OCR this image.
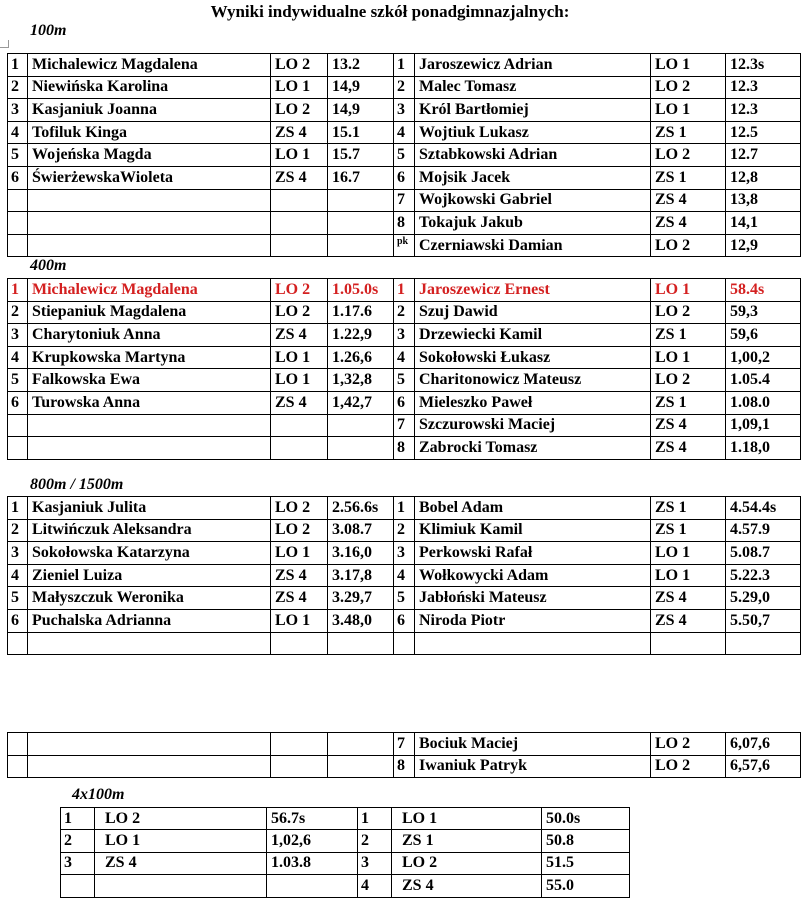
Wyniki indywidualne szkół ponadgimnazjalnych:
100m
1	Michalewicz Magdalena	LO 2	13.2	1	Jaroszewicz Adrian	LO 1	12.3s
2	Niewińska Karolina	LO 1	14,9	2	Malec Tomasz	LO 2	12.3
3	Kasjaniuk Joanna	LO 2	14,9	3	Król Bartłomiej	LO 1	12.3
4	Tofiluk Kinga	ZS 4	15.1	4	Wojtiuk Lukasz	ZS 1	12.5
5	Wojeńska Magda	LO 1	15.7	5	Sztabkowski Adrian	LO 2	12.7
6	ŚwierżewskaWioleta	ZS 4	16.7	6	Mojsik Jacek	ZS 1	12,8
				7	Wojkowski Gabriel	ZS 4	13,8
				8	Tokajuk Jakub	ZS 4	14,1
				pk	Czerniawski Damian	LO 2	12,9
400m
1	Michalewicz Magdalena	LO 2	1.05.0s	1	Jaroszewicz Ernest	LO 1	58.4s
2	Stiepaniuk Magdalena	LO 2	1.17.6	2	Szuj Dawid	LO 2	59,3
3	Charytoniuk Anna	ZS 4	1.22,9	3	Drzewiecki Kamil	ZS 1	59,6
4	Krupkowska Martyna	LO 1	1.26,6	4	Sokołowski Łukasz	LO 1	1,00,2
5	Falkowska Ewa	LO 1	1,32,8	5	Charitonowicz Mateusz	LO 2	1.05.4
6	Turowska Anna	ZS 4	1,42,7	6	Mieleszko Paweł	ZS 1	1.08.0
				7	Szczurowski Maciej	ZS 4	1,09,1
				8	Zabrocki Tomasz	ZS 4	1.18,0
800m / 1500m
1	Kasjaniuk Julita	LO 2	2.56.6s	1	Bobel Adam	ZS 1	4.54.4s
2	Litwińczuk Aleksandra	LO 2	3.08.7	2	Klimiuk Kamil	ZS 1	4.57.9
3	Sokołowska Katarzyna	LO 1	3.16,0	3	Perkowski Rafał	LO 1	5.08.7
4	Zieniel Luiza	ZS 4	3.17,8	4	Wołkowycki Adam	LO 1	5.22.3
5	Małyszczuk Weronika	ZS 4	3.29,7	5	Jabłoński Mateusz	ZS 4	5.29,0
6	Puchalska Adrianna	LO 1	3.48,0	6	Niroda Piotr	ZS 4	5.50,7

				7	Bociuk Maciej	LO 2	6,07,6
				8	Iwaniuk Patryk	LO 2	6,57,6
4x100m
1	LO 2	56.7s	1	LO 1	50.0s
2	LO 1	1,02,6	2	ZS 1	50.8
3	ZS 4	1.03.8	3	LO 2	51.5
			4	ZS 4	55.0
